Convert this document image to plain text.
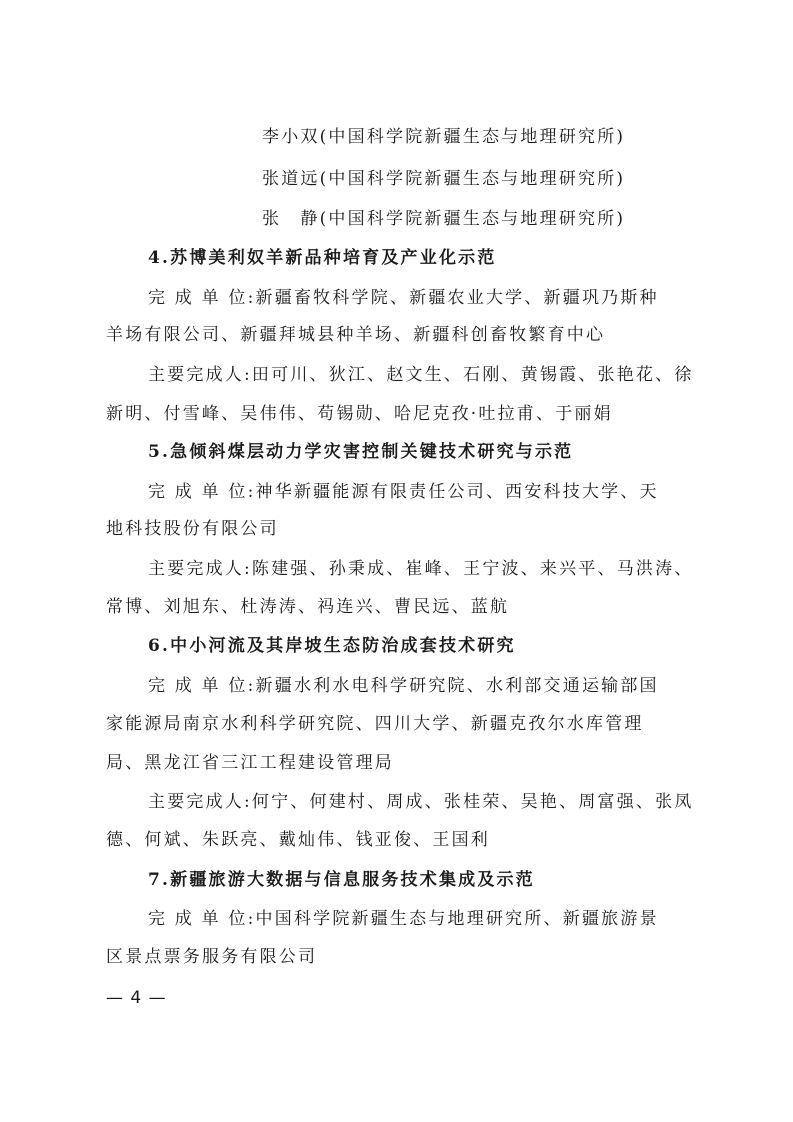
李小双(中国科学院新疆生态与地理研究所)
张道远(中国科学院新疆生态与地理研究所)
张　静(中国科学院新疆生态与地理研究所)
4.苏博美利奴羊新品种培育及产业化示范
完 成 单 位:新疆畜牧科学院、新疆农业大学、新疆巩乃斯种
羊场有限公司、新疆拜城县种羊场、新疆科创畜牧繁育中心
主要完成人:田可川、狄江、赵文生、石刚、黄锡霞、张艳花、徐
新明、付雪峰、吴伟伟、苟锡勋、哈尼克孜·吐拉甫、于丽娟
5.急倾斜煤层动力学灾害控制关键技术研究与示范
完 成 单 位:神华新疆能源有限责任公司、西安科技大学、天
地科技股份有限公司
主要完成人:陈建强、孙秉成、崔峰、王宁波、来兴平、马洪涛、
常博、刘旭东、杜涛涛、祃连兴、曹民远、蓝航
6.中小河流及其岸坡生态防治成套技术研究
完 成 单 位:新疆水利水电科学研究院、水利部交通运输部国
家能源局南京水利科学研究院、四川大学、新疆克孜尔水库管理
局、黑龙江省三江工程建设管理局
主要完成人:何宁、何建村、周成、张桂荣、吴艳、周富强、张凤
德、何斌、朱跃亮、戴灿伟、钱亚俊、王国利
7.新疆旅游大数据与信息服务技术集成及示范
完 成 单 位:中国科学院新疆生态与地理研究所、新疆旅游景
区景点票务服务有限公司
— 4 —
